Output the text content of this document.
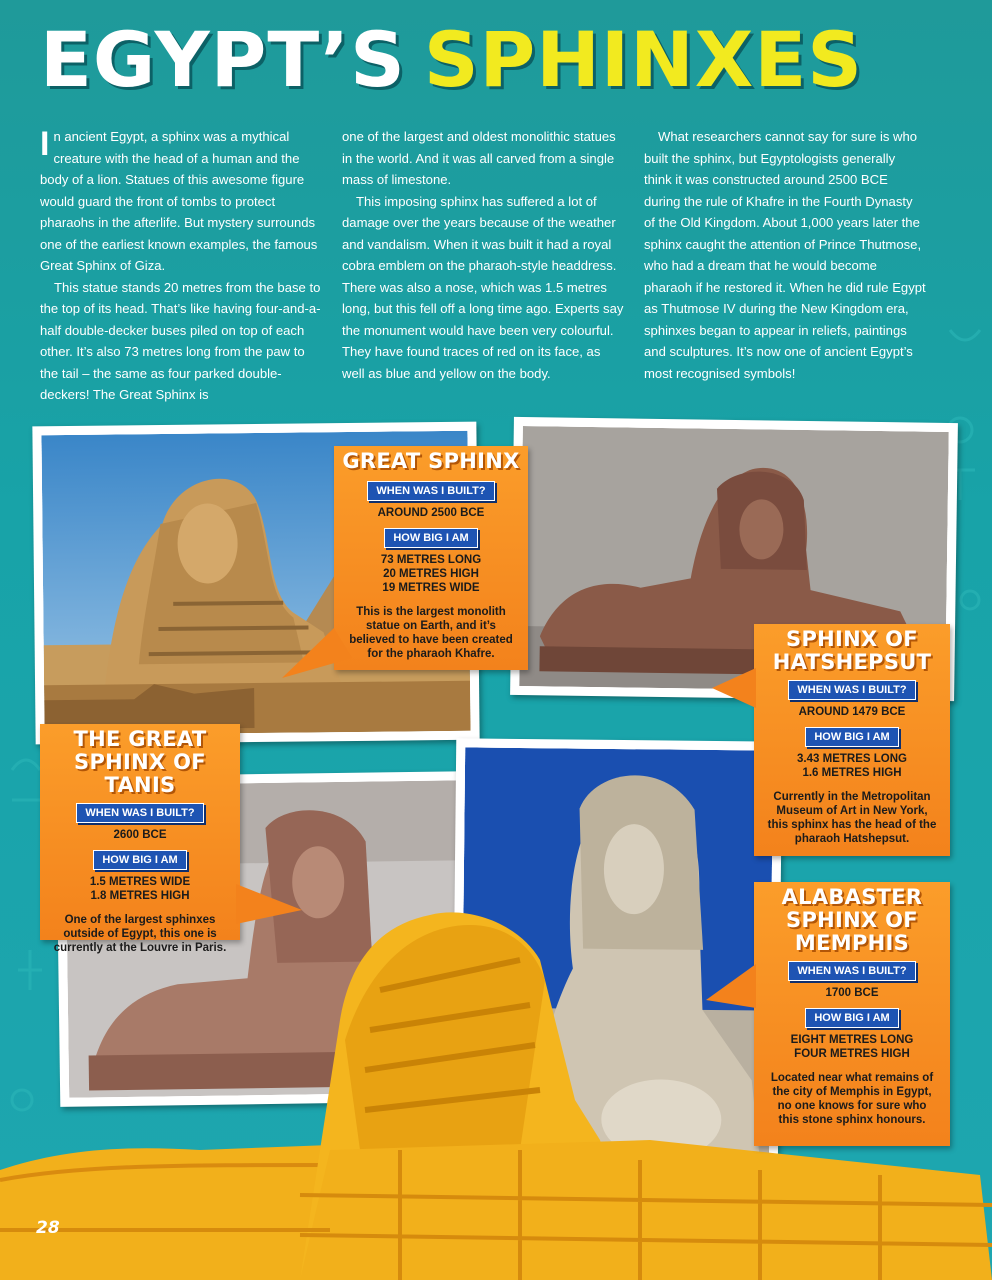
EGYPT’S SPHINXES

In ancient Egypt, a sphinx was a mythical creature with the head of a human and the body of a lion. Statues of this awesome figure would guard the front of tombs to protect pharaohs in the afterlife. But mystery surrounds one of the earliest known examples, the famous Great Sphinx of Giza.

This statue stands 20 metres from the base to the top of its head. That’s like having four-and-a-half double-decker buses piled on top of each other. It’s also 73 metres long from the paw to the tail – the same as four parked double-deckers! The Great Sphinx is

one of the largest and oldest monolithic statues in the world. And it was all carved from a single mass of limestone.

This imposing sphinx has suffered a lot of damage over the years because of the weather and vandalism. When it was built it had a royal cobra emblem on the pharaoh-style headdress. There was also a nose, which was 1.5 metres long, but this fell off a long time ago. Experts say the monument would have been very colourful. They have found traces of red on its face, as well as blue and yellow on the body.

What researchers cannot say for sure is who built the sphinx, but Egyptologists generally think it was constructed around 2500 BCE during the rule of Khafre in the Fourth Dynasty of the Old Kingdom. About 1,000 years later the sphinx caught the attention of Prince Thutmose, who had a dream that he would become pharaoh if he restored it. When he did rule Egypt as Thutmose IV during the New Kingdom era, sphinxes began to appear in reliefs, paintings and sculptures. It’s now one of ancient Egypt’s most recognised symbols!

GREAT SPHINX
WHEN WAS I BUILT?
AROUND 2500 BCE
HOW BIG I AM
73 METRES LONG
20 METRES HIGH
19 METRES WIDE
This is the largest monolith statue on Earth, and it’s believed to have been created for the pharaoh Khafre.
SPHINX OF
HATSHEPSUT
WHEN WAS I BUILT?
AROUND 1479 BCE
HOW BIG I AM
3.43 METRES LONG
1.6 METRES HIGH
Currently in the Metropolitan Museum of Art in New York, this sphinx has the head of the pharaoh Hatshepsut.
THE GREAT
SPHINX OF TANIS
WHEN WAS I BUILT?
2600 BCE
HOW BIG I AM
1.5 METRES WIDE
1.8 METRES HIGH
One of the largest sphinxes outside of Egypt, this one is currently at the Louvre in Paris.
ALABASTER
SPHINX OF
MEMPHIS
WHEN WAS I BUILT?
1700 BCE
HOW BIG I AM
EIGHT METRES LONG
FOUR METRES HIGH
Located near what remains of the city of Memphis in Egypt, no one knows for sure who this stone sphinx honours.
28
